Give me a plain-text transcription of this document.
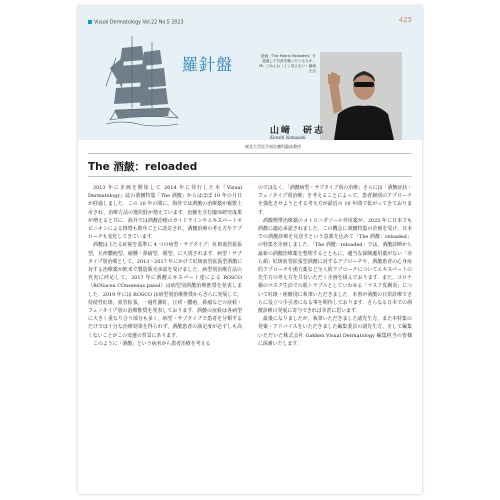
Visual Dermatology Vol.22 No.5 2023	425
羅針盤	絵画「The Matrix Reloaded」を意識して写真を撮ったつもりが、Mi. ごめんね（よく見えない）藤崎正志
山﨑　研志
Kenshi Yamasaki
東北大学医学部皮膚科臨床教授
The 酒皶：reloaded

2013 年に企画を開始して 2014 年に発行した本『Visual Dermatology』誌の酒皶特集「The 酒皶」からはほぼ 10 年の月日が経過しました．この 10 年の間に，海外では酒皶の治療薬が複数上市され，治療方法の選択肢が増えています．治験を含む臨床研究成果が増えると共に，海外では酒皶治療のガイドラインやエキスパートオピニオンによる推奨も数年ごとに改訂され，酒皶治療の考え方やアプローチも変化してきています．

酒皶は主たる症候を基準に 4 つの病型・サブタイプ：紅斑血管拡張型，丘疹膿疱型，瘤腫・鼻瘤型，眼型，に大別されます．病型・サブタイプ別治療として，2013〜2017 年にかけて紅斑血管拡張型酒皶に対する治療薬が欧米で製造販売承認を受けました．病型別治療方法の充実に呼応して，2017 年に酒皶エキスパート達による ROSCO（ROSacea COnsensus panel）は病型別酒皶治療推奨を発表しました．2019 年には ROSCO は病型別治療推奨からさらに発展して，持続性紅斑，血管拡張，一過性潮紅，丘疹・膿疱，鼻瘤などの症候・フェノタイプ別の治療推奨を発表しております．酒皶の症候は各病型に大きく重なり合う部分も多く，病型・サブタイプで患者を分類するだけでは十分な治療効果を得られず，酒皶患者の満足度が必ずしも高くないことがこの変遷の背景にあります．

このように「酒皶」という病名から患者治療を考える

のではなく，「酒皶病型・サブタイプ別の治療」さらには「酒皶症状・フェノタイプ別治療」を考えることによって，患者個別のアプローチを強化させようとする考え方が最近の 10 年間で拡がってきております．

酒皶標準治療薬のメトロニダゾール外用薬が，2022 年に日本でも酒皶に適応承認されました．この機会に酒皶特集の企画を受け，日本での酒皶診療を見直すという意義を込めて「The 酒皶：reloaded」の特集を企画しました．「The 酒皶：reloaded」では，酒皶診断から最新の酒皶治療薬を整理するとともに，適当な保険適用薬がない「赤ら顔」紅斑血管拡張型酒皶に対するアプローチや，酒皶患者の心身症的アプローチや漢方薬など全人的アプローチについてエキスパートの先生方の考え方を共有いただく企画を組んでおります．また，コロナ禍のマスク生活での肌トラブルとしていわゆる「マスク皮膚炎」について紅斑・痤瘡別に執筆いただきました．本書が酒皶の日常診療でさらに役立つ手引書になる事を期待しております．さらなる日本での酒皶診療の発展に寄与できれば幸甚に思います．

最後になりましたが，執筆いただきました諸先生方，また本特集の発案・アドバイスをいただきました編集委員の諸先生方，そして編集いただいた株式会社 Gakken Visual Dermatology 編集担当の皆様に深謝いたします．
